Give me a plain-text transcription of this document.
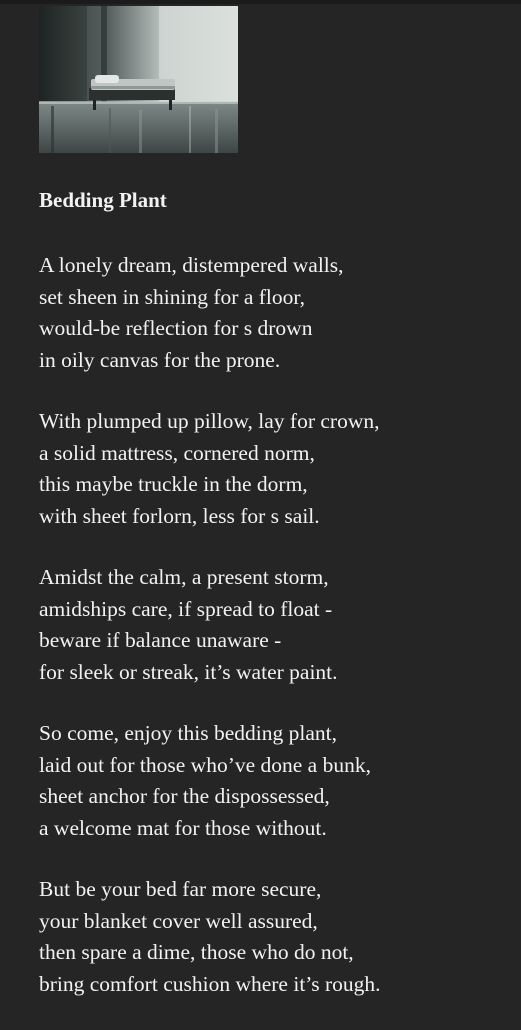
Bedding Plant
A lonely dream, distempered walls,
set sheen in shining for a floor,
would-be reflection for s drown
in oily canvas for the prone.
With plumped up pillow, lay for crown,
a solid mattress, cornered norm,
this maybe truckle in the dorm,
with sheet forlorn, less for s sail.
Amidst the calm, a present storm,
amidships care, if spread to float -
beware if balance unaware -
for sleek or streak, it’s water paint.
So come, enjoy this bedding plant,
laid out for those who’ve done a bunk,
sheet anchor for the dispossessed,
a welcome mat for those without.
But be your bed far more secure,
your blanket cover well assured,
then spare a dime, those who do not,
bring comfort cushion where it’s rough.
